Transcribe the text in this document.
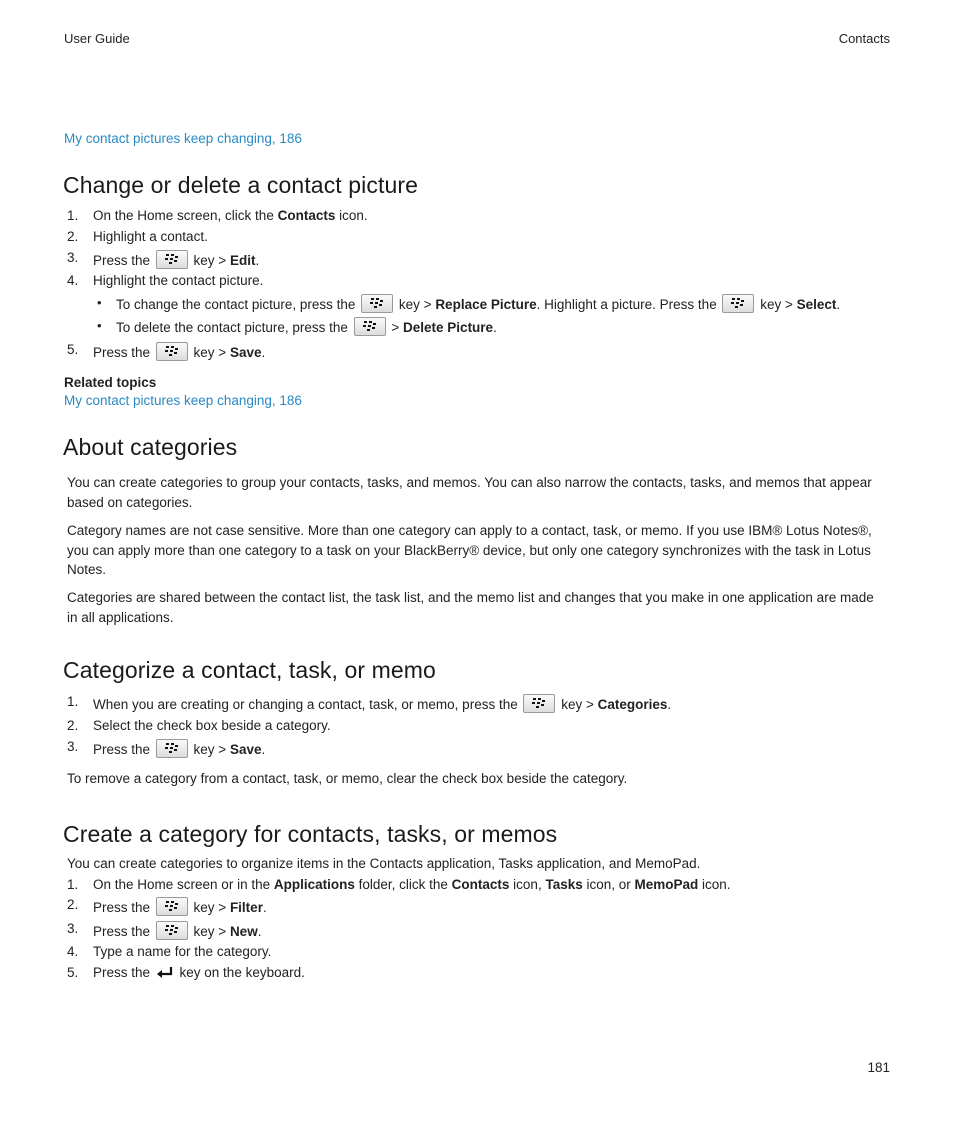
User Guide	Contacts
My contact pictures keep changing, 186
Change or delete a contact picture
1. On the Home screen, click the Contacts icon.
2. Highlight a contact.
3. Press the	key > Edit.
4. Highlight the contact picture.
• To change the contact picture, press the	key > Replace Picture. Highlight a picture. Press the	key > Select.
• To delete the contact picture, press the	> Delete Picture.
5. Press the	key > Save.
Related topics
My contact pictures keep changing, 186
About categories
You can create categories to group your contacts, tasks, and memos. You can also narrow the contacts, tasks, and memos that appear based on categories.
Category names are not case sensitive. More than one category can apply to a contact, task, or memo. If you use IBM® Lotus Notes®, you can apply more than one category to a task on your BlackBerry® device, but only one category synchronizes with the task in Lotus Notes.
Categories are shared between the contact list, the task list, and the memo list and changes that you make in one application are made in all applications.
Categorize a contact, task, or memo
1. When you are creating or changing a contact, task, or memo, press the	key > Categories.
2. Select the check box beside a category.
3. Press the	key > Save.
To remove a category from a contact, task, or memo, clear the check box beside the category.
Create a category for contacts, tasks, or memos
You can create categories to organize items in the Contacts application, Tasks application, and MemoPad.
1. On the Home screen or in the Applications folder, click the Contacts icon, Tasks icon, or MemoPad icon.
2. Press the	key > Filter.
3. Press the	key > New.
4. Type a name for the category.
5. Press the  key on the keyboard.
181
